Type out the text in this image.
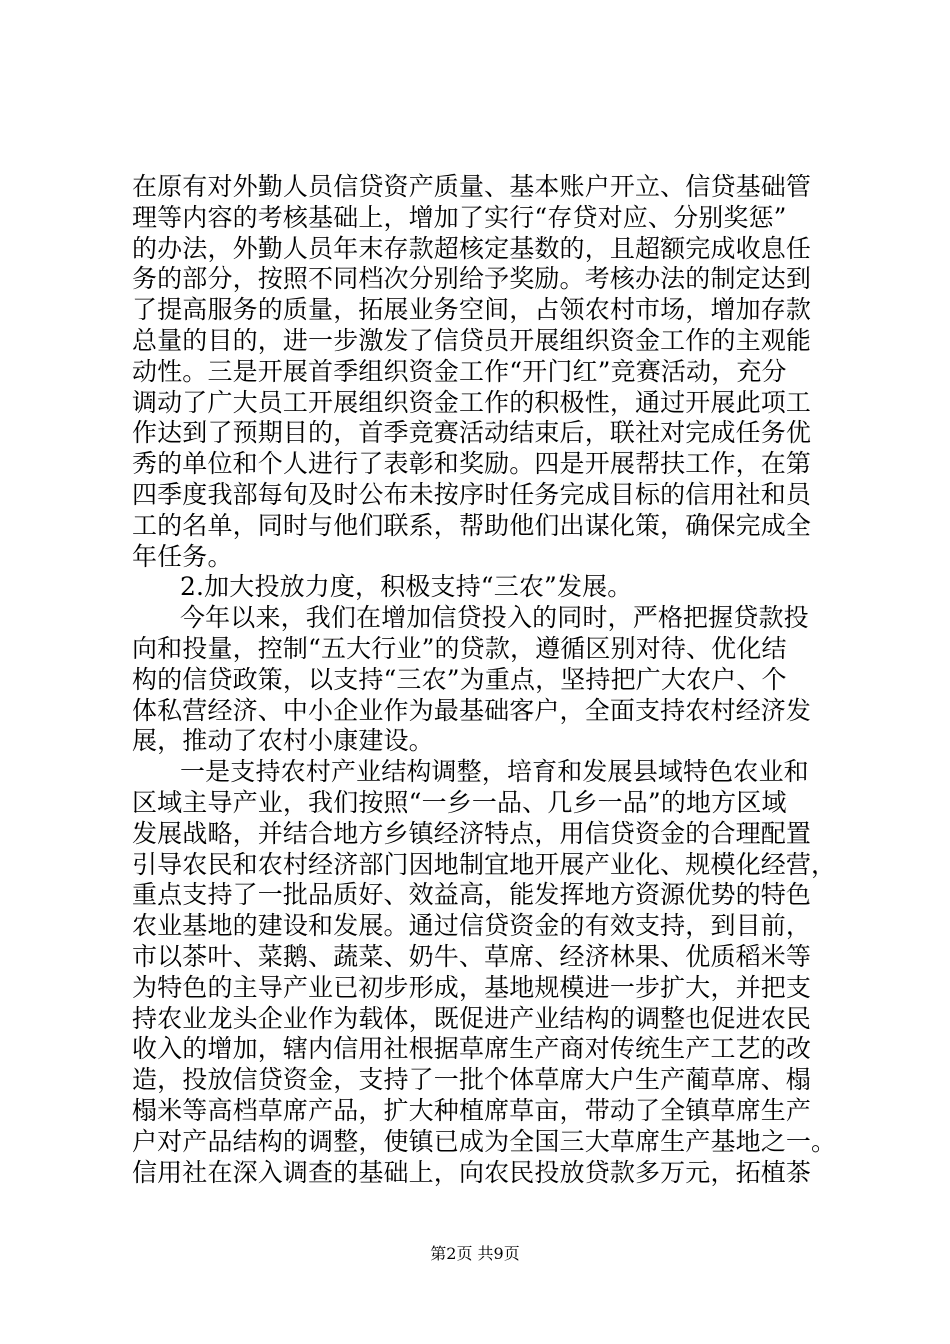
在原有对外勤人员信贷资产质量、基本账户开立、信贷基础管
理等内容的考核基础上，增加了实行“存贷对应、分别奖惩”
的办法，外勤人员年末存款超核定基数的，且超额完成收息任
务的部分，按照不同档次分别给予奖励。考核办法的制定达到
了提高服务的质量，拓展业务空间，占领农村市场，增加存款
总量的目的，进一步激发了信贷员开展组织资金工作的主观能
动性。三是开展首季组织资金工作“开门红”竞赛活动，充分
调动了广大员工开展组织资金工作的积极性，通过开展此项工
作达到了预期目的，首季竞赛活动结束后，联社对完成任务优
秀的单位和个人进行了表彰和奖励。四是开展帮扶工作，在第
四季度我部每旬及时公布未按序时任务完成目标的信用社和员
工的名单，同时与他们联系，帮助他们出谋化策，确保完成全
年任务。
2.加大投放力度，积极支持“三农”发展。
今年以来，我们在增加信贷投入的同时，严格把握贷款投
向和投量，控制“五大行业”的贷款，遵循区别对待、优化结
构的信贷政策，以支持“三农”为重点，坚持把广大农户、个
体私营经济、中小企业作为最基础客户，全面支持农村经济发
展，推动了农村小康建设。
一是支持农村产业结构调整，培育和发展县域特色农业和
区域主导产业，我们按照“一乡一品、几乡一品”的地方区域
发展战略，并结合地方乡镇经济特点，用信贷资金的合理配置
引导农民和农村经济部门因地制宜地开展产业化、规模化经营，
重点支持了一批品质好、效益高，能发挥地方资源优势的特色
农业基地的建设和发展。通过信贷资金的有效支持，到目前，
市以茶叶、菜鹅、蔬菜、奶牛、草席、经济林果、优质稻米等
为特色的主导产业已初步形成，基地规模进一步扩大，并把支
持农业龙头企业作为载体，既促进产业结构的调整也促进农民
收入的增加，辖内信用社根据草席生产商对传统生产工艺的改
造，投放信贷资金，支持了一批个体草席大户生产蔺草席、榻
榻米等高档草席产品，扩大种植席草亩，带动了全镇草席生产
户对产品结构的调整，使镇已成为全国三大草席生产基地之一。
信用社在深入调查的基础上，向农民投放贷款多万元，拓植茶
第2页 共9页
